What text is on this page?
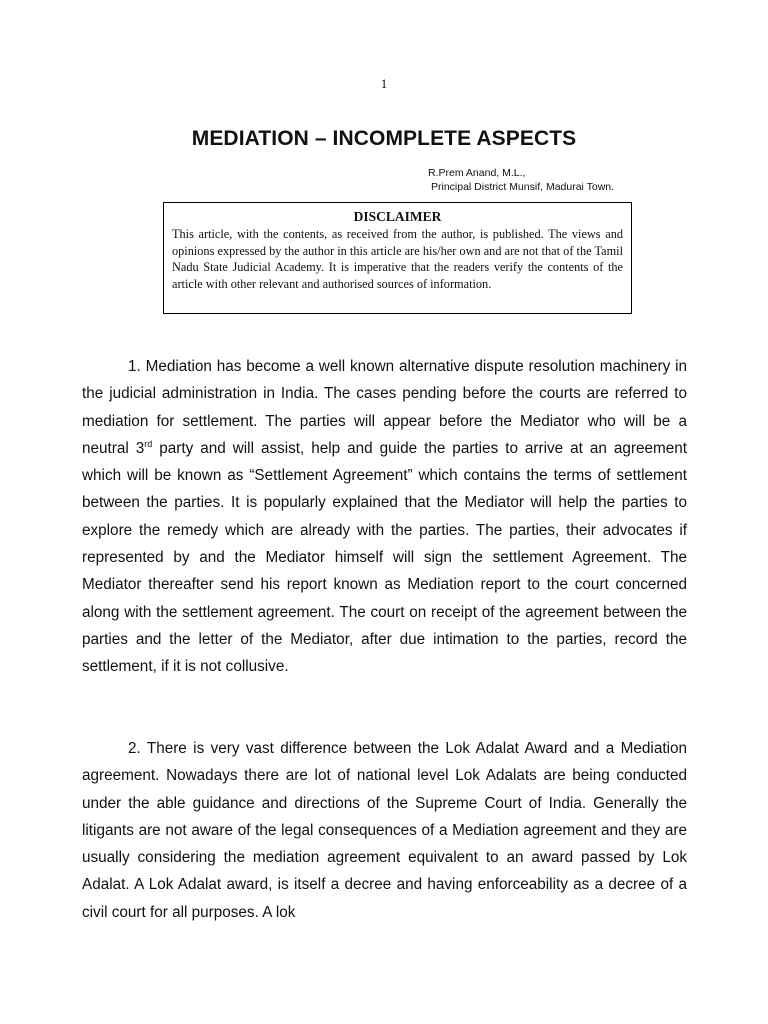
1
MEDIATION – INCOMPLETE ASPECTS
R.Prem Anand, M.L.,
Principal District Munsif, Madurai Town.
DISCLAIMER
This article, with the contents, as received from the author, is published. The views and opinions expressed by the author in this article are his/her own and are not that of the Tamil Nadu State Judicial Academy. It is imperative that the readers verify the contents of the article with other relevant and authorised sources of information.

1. Mediation has become a well known alternative dispute resolution machinery in the judicial administration in India. The cases pending before the courts are referred to mediation for settlement. The parties will appear before the Mediator who will be a neutral 3rd party and will assist, help and guide the parties to arrive at an agreement which will be known as “Settlement Agreement” which contains the terms of settlement between the parties. It is popularly explained that the Mediator will help the parties to explore the remedy which are already with the parties. The parties, their advocates if represented by and the Mediator himself will sign the settlement Agreement. The Mediator thereafter send his report known as Mediation report to the court concerned along with the settlement agreement. The court on receipt of the agreement between the parties and the letter of the Mediator, after due intimation to the parties, record the settlement, if it is not collusive.

2. There is very vast difference between the Lok Adalat Award and a Mediation agreement. Nowadays there are lot of national level Lok Adalats are being conducted under the able guidance and directions of the Supreme Court of India. Generally the litigants are not aware of the legal consequences of a Mediation agreement and they are usually considering the mediation agreement equivalent to an award passed by Lok Adalat. A Lok Adalat award, is itself a decree and having enforceability as a decree of a civil court for all purposes. A lok
